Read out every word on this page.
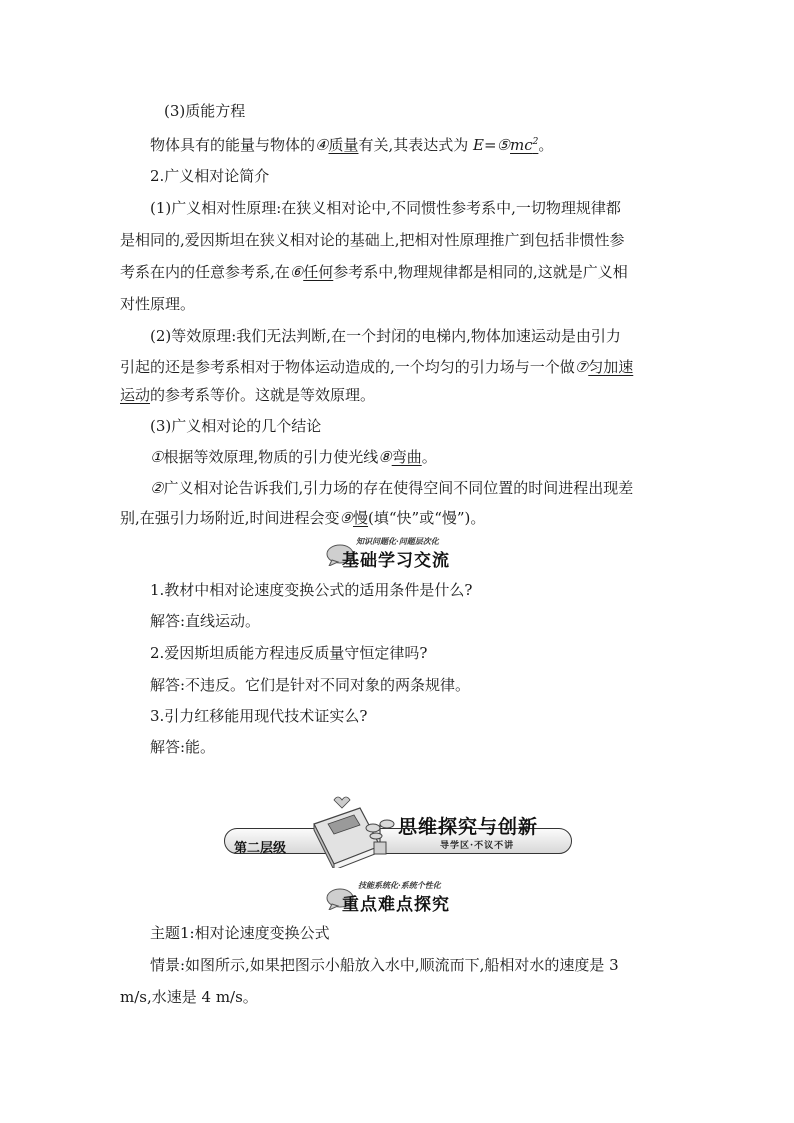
(3)质能方程
物体具有的能量与物体的④质量有关,其表达式为 $E=⑤mc^2$。
2.广义相对论简介
(1)广义相对性原理:在狭义相对论中,不同惯性参考系中,一切物理规律都
是相同的,爱因斯坦在狭义相对论的基础上,把相对性原理推广到包括非惯性参
考系在内的任意参考系,在⑥任何参考系中,物理规律都是相同的,这就是广义相
对性原理。
(2)等效原理:我们无法判断,在一个封闭的电梯内,物体加速运动是由引力
引起的还是参考系相对于物体运动造成的,一个均匀的引力场与一个做⑦匀加速
运动的参考系等价。这就是等效原理。
(3)广义相对论的几个结论
①根据等效原理,物质的引力使光线⑧弯曲。
②广义相对论告诉我们,引力场的存在使得空间不同位置的时间进程出现差
别,在强引力场附近,时间进程会变⑨慢(填“快”或“慢”)。
知识问题化·问题层次化
基础学习交流
1.教材中相对论速度变换公式的适用条件是什么?
解答:直线运动。
2.爱因斯坦质能方程违反质量守恒定律吗?
解答:不违反。它们是针对不同对象的两条规律。
3.引力红移能用现代技术证实么?
解答:能。
第二层级
思维探究与创新
导学区·不议不讲
技能系统化·系统个性化
重点难点探究
主题1:相对论速度变换公式
情景:如图所示,如果把图示小船放入水中,顺流而下,船相对水的速度是 3
m/s,水速是 4 m/s。
